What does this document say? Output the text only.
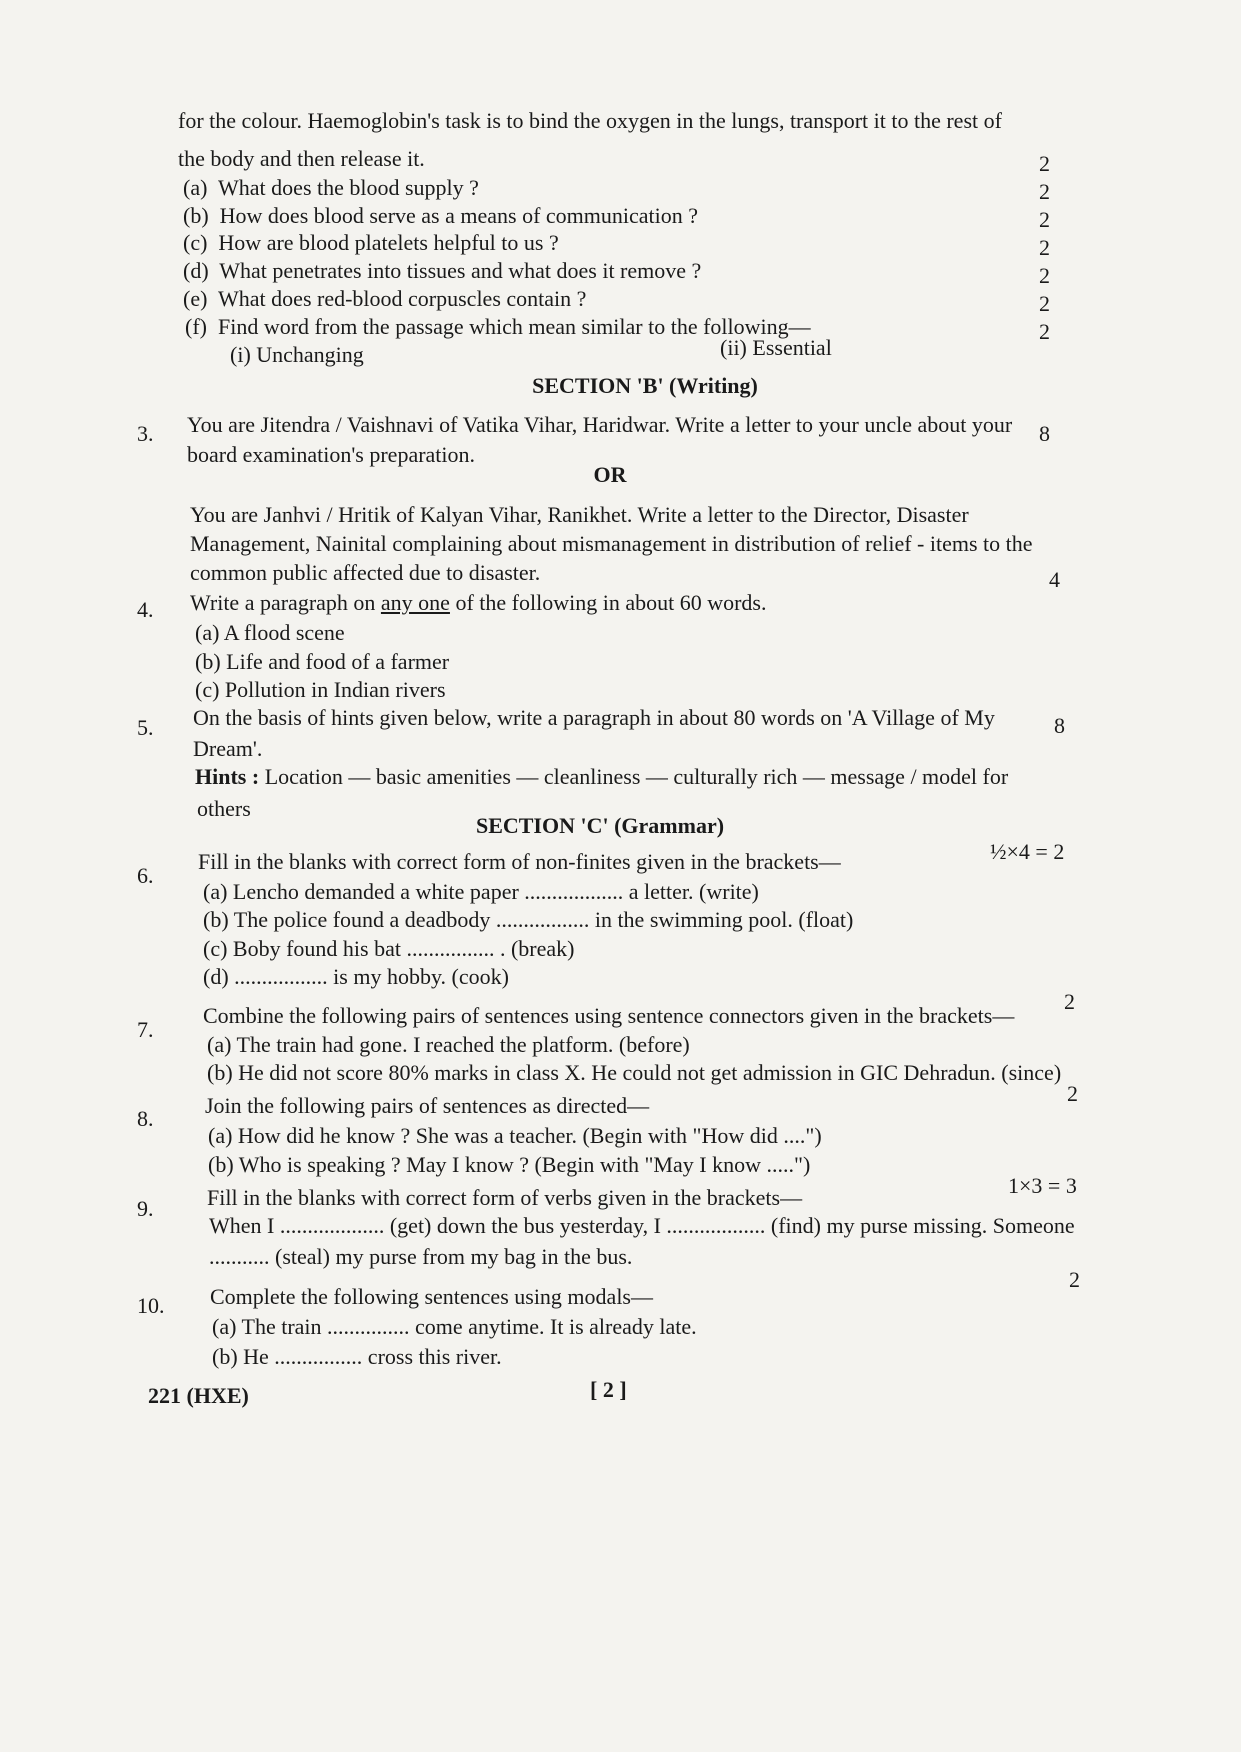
for the colour. Haemoglobin's task is to bind the oxygen in the lungs, transport it to the rest of
the body and then release it.	2
(a) What does the blood supply ?	2
(b) How does blood serve as a means of communication ?	2
(c) How are blood platelets helpful to us ?	2
(d) What penetrates into tissues and what does it remove ?	2
(e) What does red-blood corpuscles contain ?	2
(f) Find word from the passage which mean similar to the following—	2
(i) Unchanging	(ii) Essential
SECTION 'B' (Writing)
3. You are Jitendra / Vaishnavi of Vatika Vihar, Haridwar. Write a letter to your uncle about your	8
board examination's preparation.
OR
You are Janhvi / Hritik of Kalyan Vihar, Ranikhet. Write a letter to the Director, Disaster
Management, Nainital complaining about mismanagement in distribution of relief - items to the
common public affected due to disaster.	4
4. Write a paragraph on any one of the following in about 60 words.
(a) A flood scene
(b) Life and food of a farmer
(c) Pollution in Indian rivers
5. On the basis of hints given below, write a paragraph in about 80 words on 'A Village of My	8
Dream'.
Hints : Location — basic amenities — cleanliness — culturally rich — message / model for
others
SECTION 'C' (Grammar)
6.
Fill in the blanks with correct form of non-finites given in the brackets—	½×4 = 2
(a) Lencho demanded a white paper .................. a letter. (write)
(b) The police found a deadbody ................. in the swimming pool. (float)
(c) Boby found his bat ................ . (break)
(d) ................. is my hobby. (cook)
7.
Combine the following pairs of sentences using sentence connectors given in the brackets—
2
(a) The train had gone. I reached the platform. (before)
(b) He did not score 80% marks in class X. He could not get admission in GIC Dehradun. (since)
8.
Join the following pairs of sentences as directed—	2
(a) How did he know ? She was a teacher. (Begin with "How did ....")
(b) Who is speaking ? May I know ? (Begin with "May I know .....")
9. Fill in the blanks with correct form of verbs given in the brackets—	1×3 = 3
When I ................... (get) down the bus yesterday, I .................. (find) my purse missing. Someone
........... (steal) my purse from my bag in the bus.
10. Complete the following sentences using modals—
2
(a) The train ............... come anytime. It is already late.
(b) He ................ cross this river.
221 (HXE)	[ 2 ]
